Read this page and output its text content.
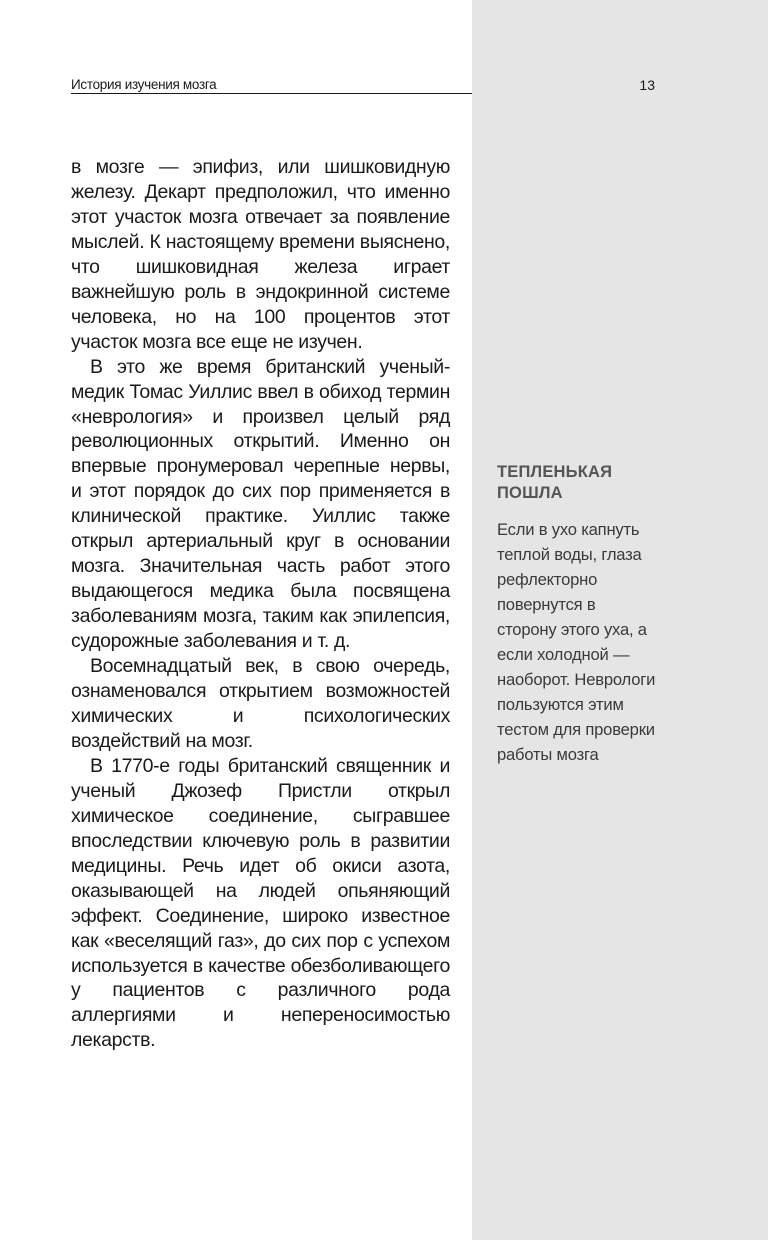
История изучения мозга	13

в мозге — эпифиз, или шишковидную железу. Декарт предположил, что именно этот участок мозга отвечает за появление мыслей. К настоящему времени выяснено, что шишковидная железа играет важнейшую роль в эндокринной системе человека, но на 100 процентов этот участок мозга все еще не изучен.

В это же время британский ученый-медик Томас Уиллис ввел в обиход термин «неврология» и произвел целый ряд революционных открытий. Именно он впервые пронумеровал черепные нервы, и этот порядок до сих пор применяется в клинической практике. Уиллис также открыл артериальный круг в основании мозга. Значительная часть работ этого выдающегося медика была посвящена заболеваниям мозга, таким как эпилепсия, судорожные заболевания и т. д.

Восемнадцатый век, в свою очередь, ознаменовался открытием возможностей химических и психологических воздействий на мозг.

В 1770-е годы британский священник и ученый Джозеф Пристли открыл химическое соединение, сыгравшее впоследствии ключевую роль в развитии медицины. Речь идет об окиси азота, оказывающей на людей опьяняющий эффект. Соединение, широко известное как «веселящий газ», до сих пор с успехом используется в качестве обезболивающего у пациентов с различного рода аллергиями и непереносимостью лекарств.

ТЕПЛЕНЬКАЯ ПОШЛА

Если в ухо капнуть теплой воды, глаза рефлекторно повернутся в сторону этого уха, а если холодной — наоборот. Неврологи пользуются этим тестом для проверки работы мозга
